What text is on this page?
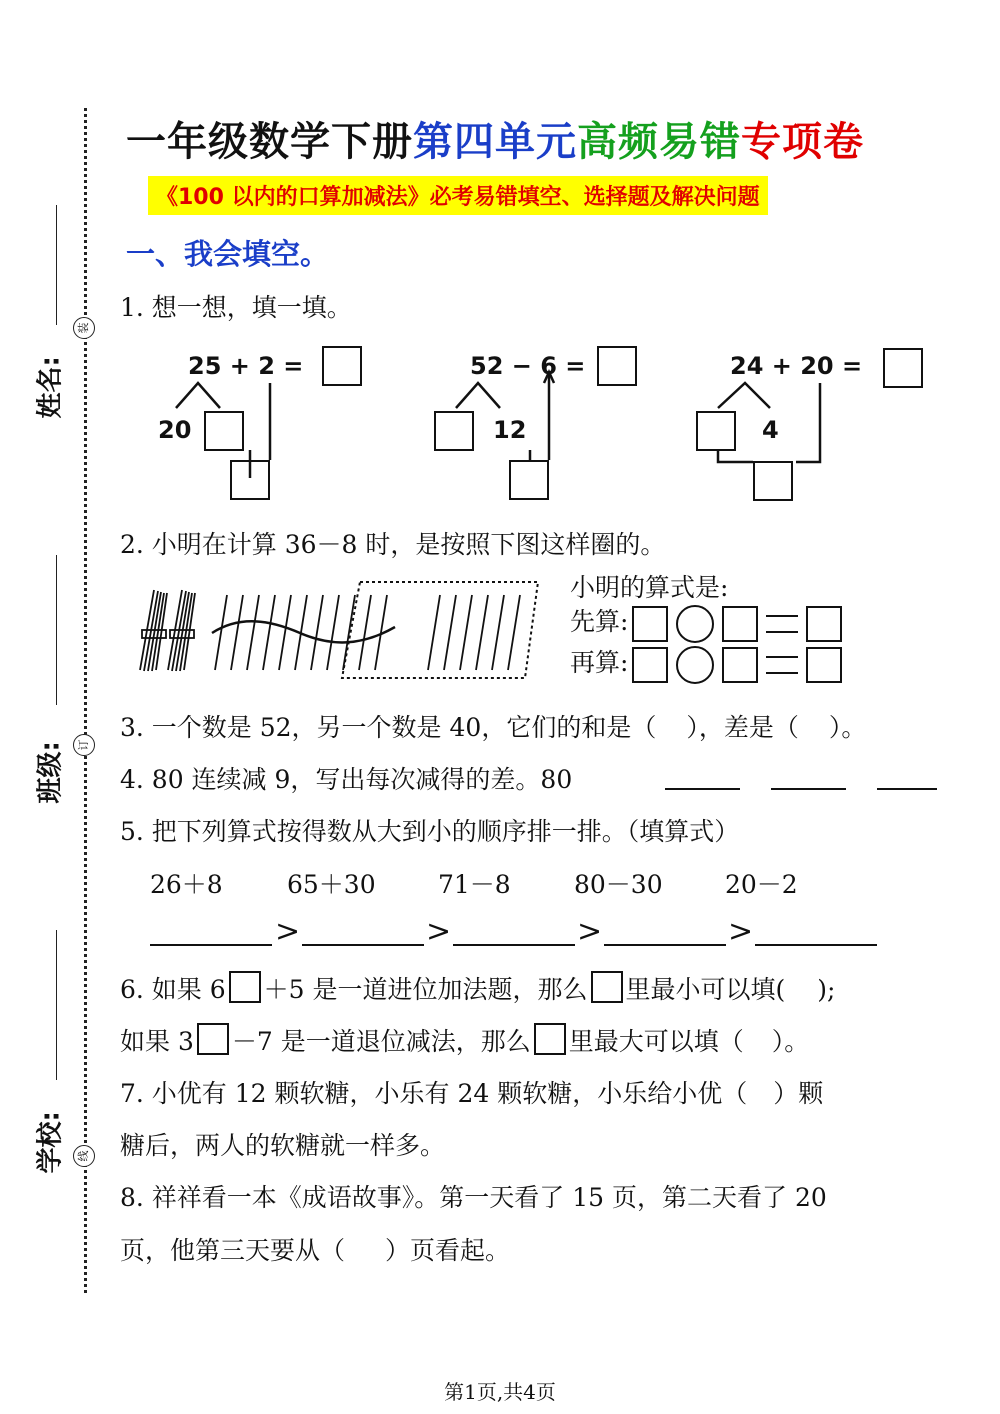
姓名:
班级:
学校:
装
订
线
一年级数学下册第四单元高频易错专项卷
《100 以内的口算加减法》必考易错填空、选择题及解决问题
一、我会填空。
1. 想一想，填一填。
25 + 2 =
20
52 − 6 =
12
24 + 20 =
4
2. 小明在计算 36－8 时，是按照下图这样圈的。
小明的算式是:
先算:
再算:
3. 一个数是 52，另一个数是 40，它们的和是（ ），差是（ ）。
4. 80 连续减 9，写出每次减得的差。80
5. 把下列算式按得数从大到小的顺序排一排。（填算式）
26＋8	65＋30 71－8	80－30 20－2
>	>	>	>
6. 如果 6 ＋5 是一道进位加法题，那么 里最小可以填( );
如果 3 －7 是一道退位减法，那么 里最大可以填（ ）。
7. 小优有 12 颗软糖，小乐有 24 颗软糖，小乐给小优（ ）颗
糖后，两人的软糖就一样多。
8. 祥祥看一本《成语故事》。第一天看了 15 页，第二天看了 20
页，他第三天要从（ ）页看起。
第1页,共4页
